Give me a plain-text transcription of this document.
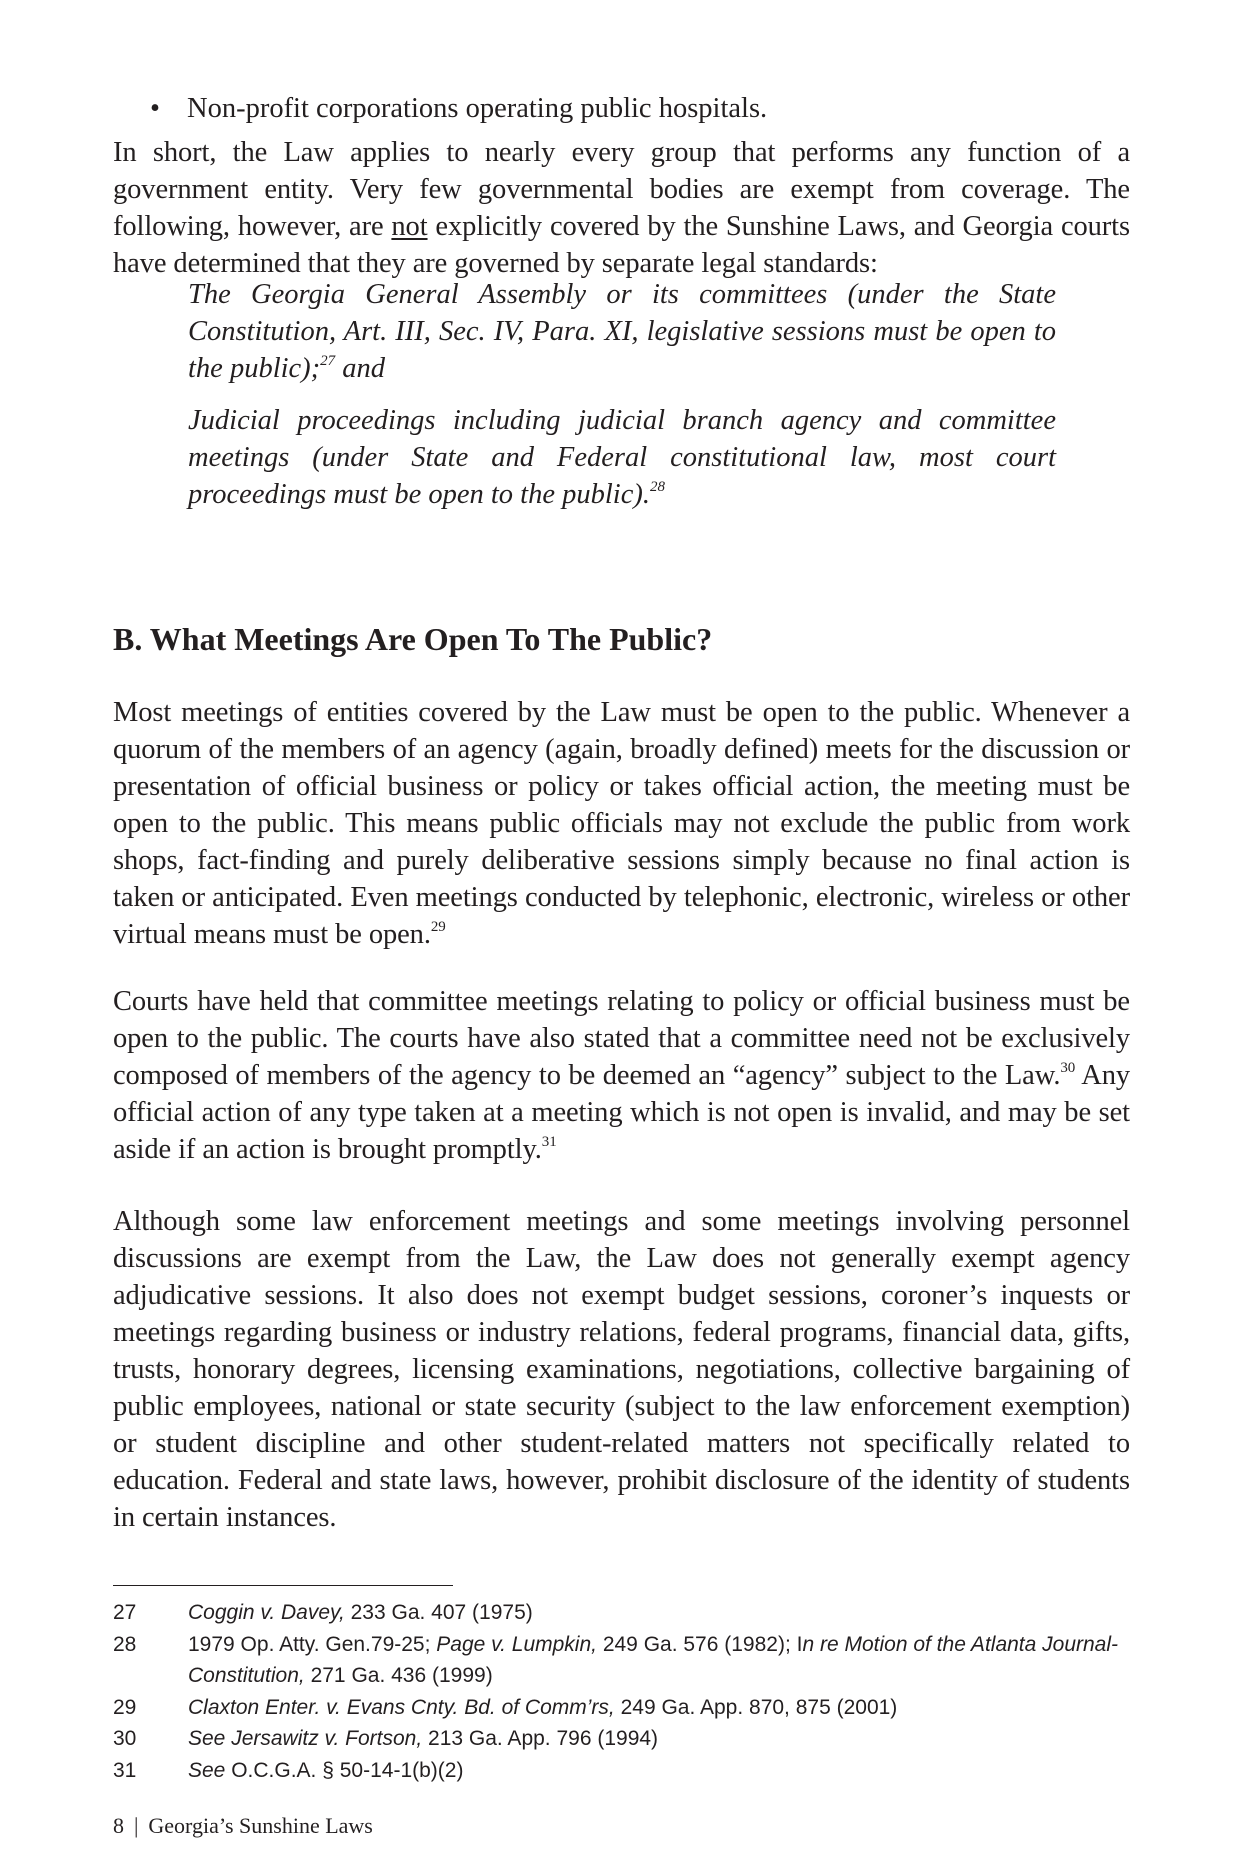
• Non-profit corporations operating public hospitals.

In short, the Law applies to nearly every group that performs any function of a government entity. Very few governmental bodies are exempt from coverage. The following, however, are not explicitly covered by the Sunshine Laws, and Georgia courts have determined that they are governed by separate legal standards:

The Georgia General Assembly or its committees (under the State Constitution, Art. III, Sec. IV, Para. XI, legislative sessions must be open to the public);$^{27}$ and

Judicial proceedings including judicial branch agency and committee meetings (under State and Federal constitutional law, most court proceedings must be open to the public).$^{28}$

B. What Meetings Are Open To The Public?

Most meetings of entities covered by the Law must be open to the public. Whenever a quorum of the members of an agency (again, broadly defined) meets for the discussion or presentation of official business or policy or takes official action, the meeting must be open to the public. This means public officials may not exclude the public from work shops, fact-finding and purely deliberative sessions simply because no final action is taken or anticipated. Even meetings conducted by telephonic, electronic, wireless or other virtual means must be open.$^{29}$

Courts have held that committee meetings relating to policy or official business must be open to the public. The courts have also stated that a committee need not be exclusively composed of members of the agency to be deemed an “agency” subject to the Law.$^{30}$ Any official action of any type taken at a meeting which is not open is invalid, and may be set aside if an action is brought promptly.$^{31}$

Although some law enforcement meetings and some meetings involving personnel discussions are exempt from the Law, the Law does not generally exempt agency adjudicative sessions. It also does not exempt budget sessions, coroner’s inquests or meetings regarding business or industry relations, federal programs, financial data, gifts, trusts, honorary degrees, licensing examinations, negotiations, collective bargaining of public employees, national or state security (subject to the law enforcement exemption) or student discipline and other student-related matters not specifically related to education. Federal and state laws, however, prohibit disclosure of the identity of students in certain instances.

27	Coggin v. Davey, 233 Ga. 407 (1975)
28	1979 Op. Atty. Gen.79-25; Page v. Lumpkin, 249 Ga. 576 (1982); In re Motion of the Atlanta Journal-Constitution, 271 Ga. 436 (1999)
29	Claxton Enter. v. Evans Cnty. Bd. of Comm’rs, 249 Ga. App. 870, 875 (2001)
30	See Jersawitz v. Fortson, 213 Ga. App. 796 (1994)
31	See O.C.G.A. § 50-14-1(b)(2)
8 | Georgia’s Sunshine Laws
